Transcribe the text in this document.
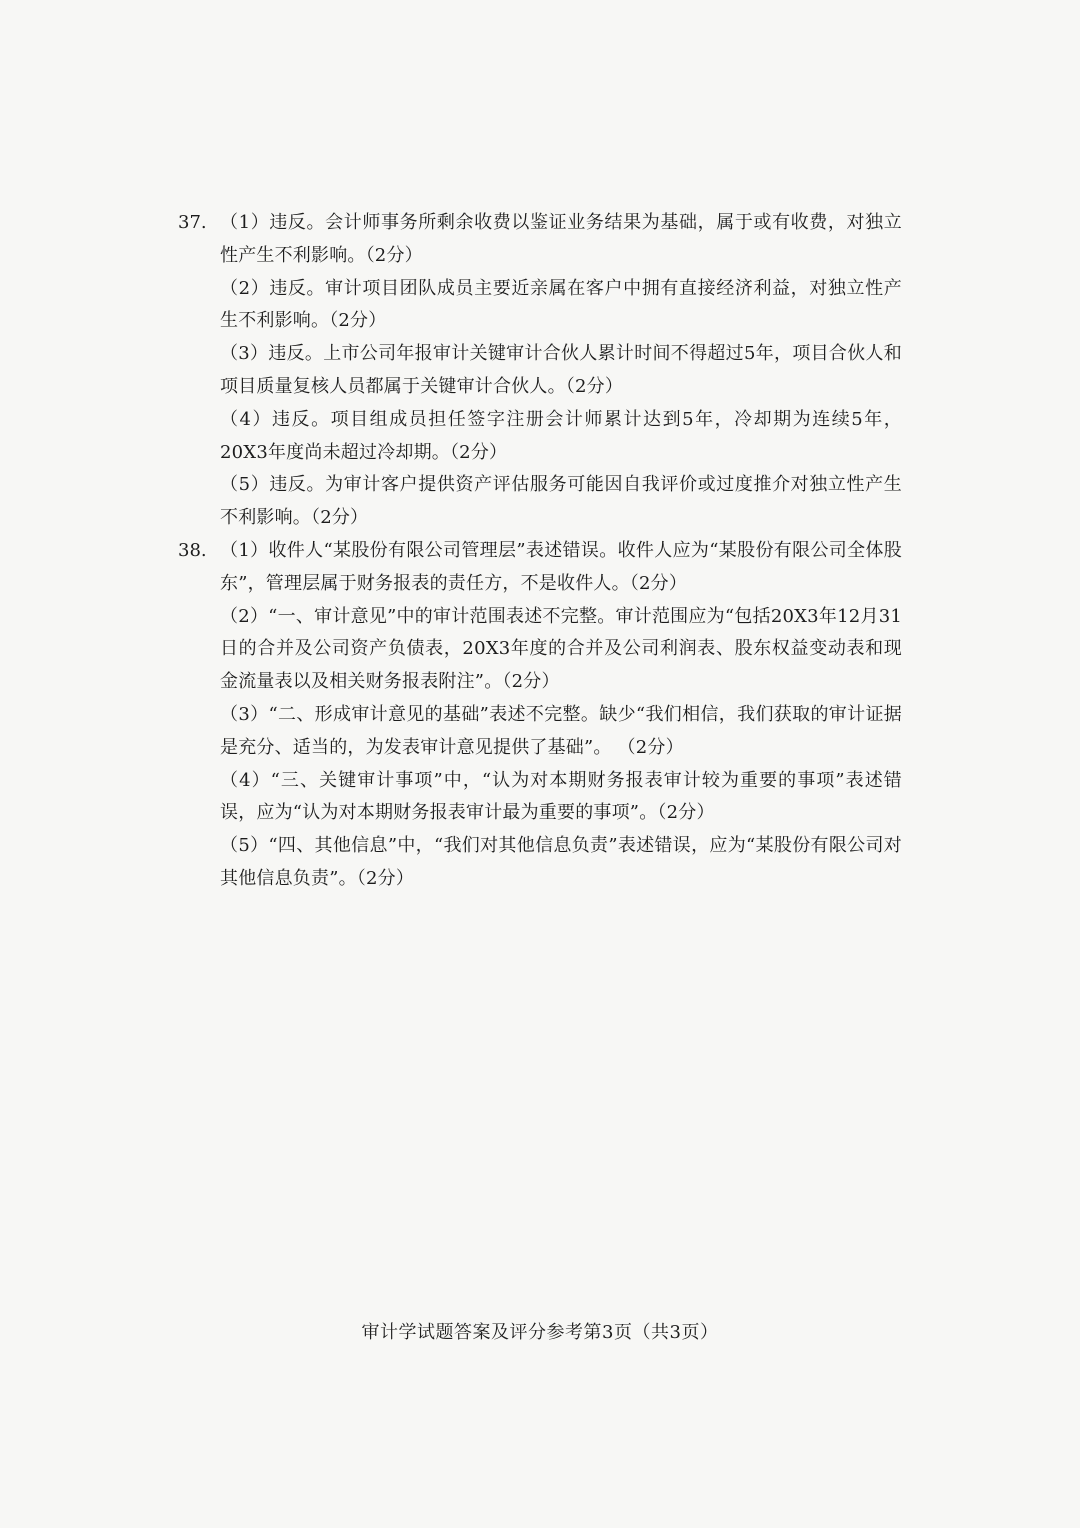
37. （1）违反。会计师事务所剩余收费以鉴证业务结果为基础，属于或有收费，对独立性产生不利影响。（2分）

（2）违反。审计项目团队成员主要近亲属在客户中拥有直接经济利益，对独立性产生不利影响。（2分）

（3）违反。上市公司年报审计关键审计合伙人累计时间不得超过5年，项目合伙人和项目质量复核人员都属于关键审计合伙人。（2分）

（4）违反。项目组成员担任签字注册会计师累计达到5年，冷却期为连续5年，20X3年度尚未超过冷却期。（2分）

（5）违反。为审计客户提供资产评估服务可能因自我评价或过度推介对独立性产生不利影响。（2分）

38. （1）收件人“某股份有限公司管理层”表述错误。收件人应为“某股份有限公司全体股东”，管理层属于财务报表的责任方，不是收件人。（2分）

（2）“一、审计意见”中的审计范围表述不完整。审计范围应为“包括20X3年12月31日的合并及公司资产负债表，20X3年度的合并及公司利润表、股东权益变动表和现金流量表以及相关财务报表附注”。（2分）

（3）“二、形成审计意见的基础”表述不完整。缺少“我们相信，我们获取的审计证据是充分、适当的，为发表审计意见提供了基础”。 （2分）

（4）“三、关键审计事项”中，“认为对本期财务报表审计较为重要的事项”表述错误，应为“认为对本期财务报表审计最为重要的事项”。（2分）

（5）“四、其他信息”中，“我们对其他信息负责”表述错误，应为“某股份有限公司对其他信息负责”。（2分）

审计学试题答案及评分参考第3页（共3页）
